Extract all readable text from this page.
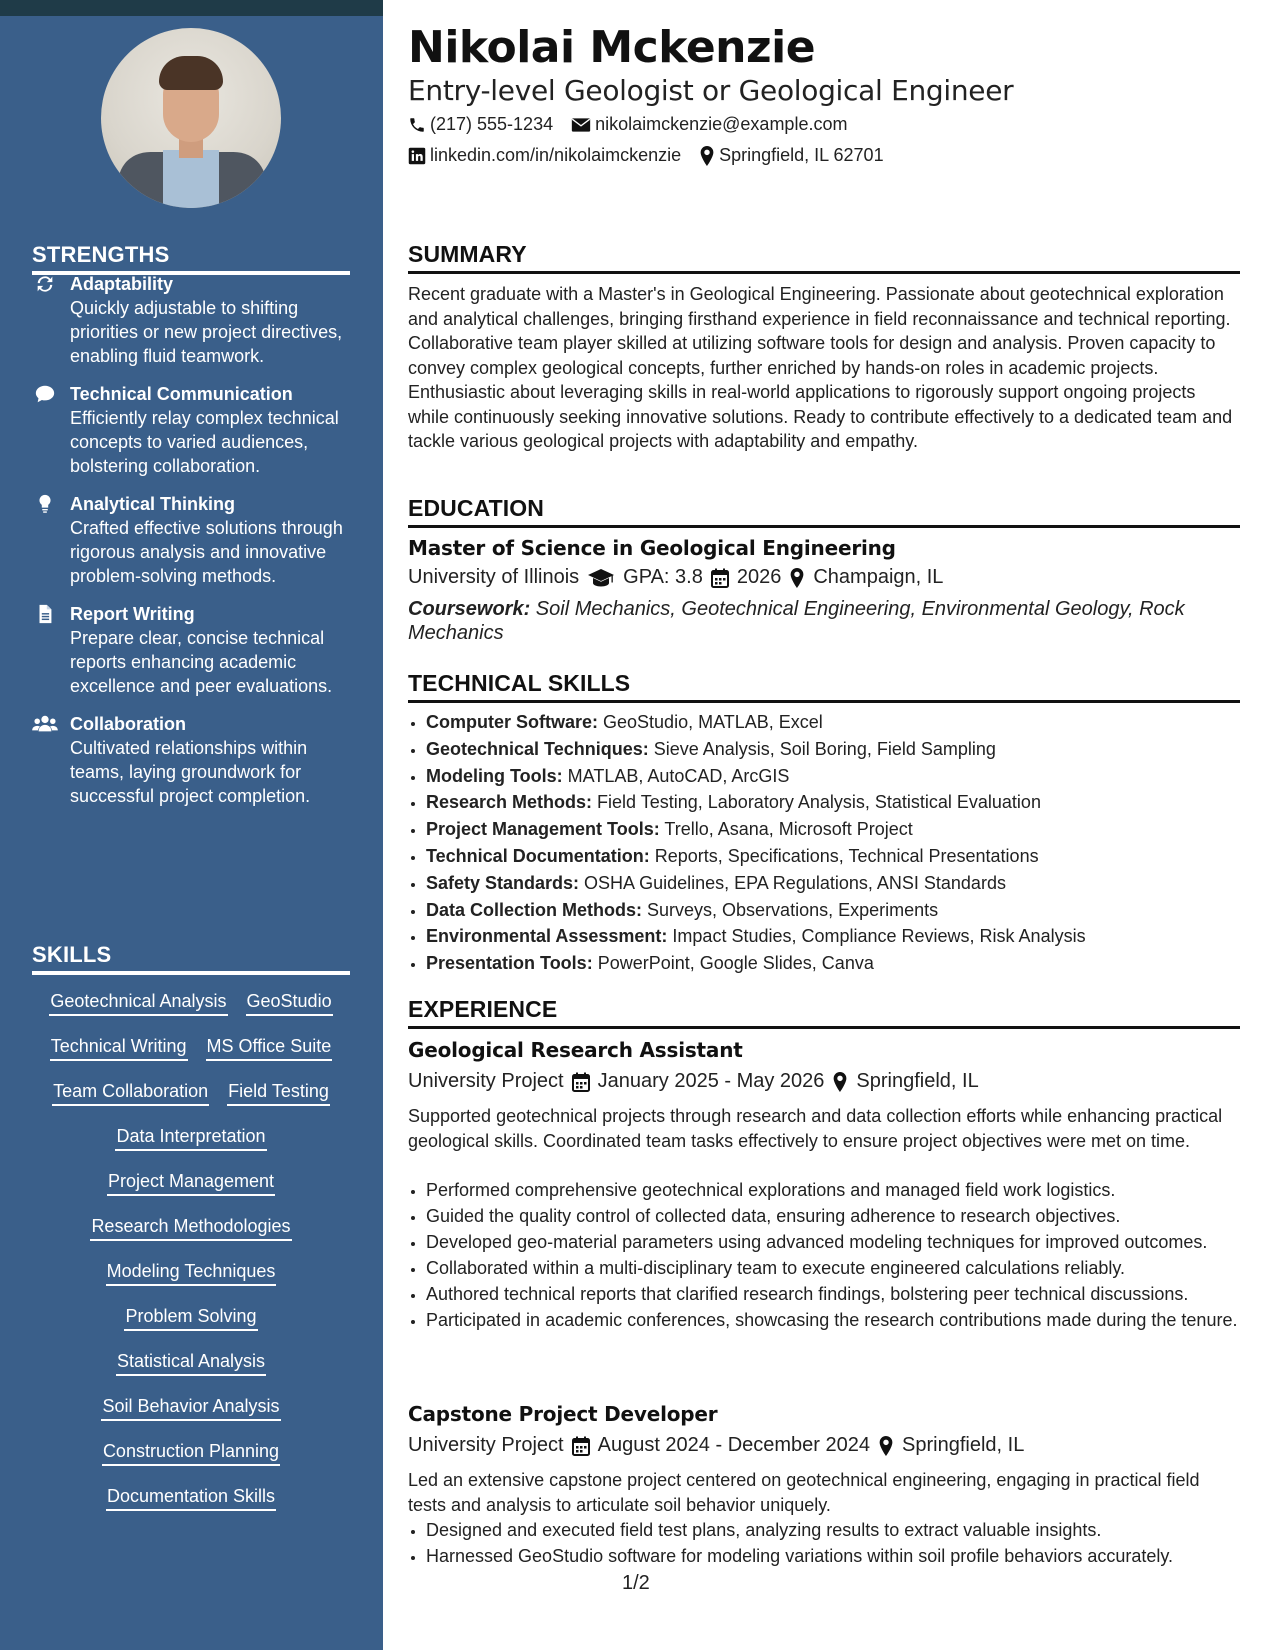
STRENGTHS
Adaptability
Quickly adjustable to shifting priorities or new project directives, enabling fluid teamwork.
Technical Communication
Efficiently relay complex technical concepts to varied audiences, bolstering collaboration.
Analytical Thinking
Crafted effective solutions through rigorous analysis and innovative problem-solving methods.
Report Writing
Prepare clear, concise technical reports enhancing academic excellence and peer evaluations.
Collaboration
Cultivated relationships within teams, laying groundwork for successful project completion.
SKILLS
Geotechnical Analysis GeoStudio
Technical Writing MS Office Suite
Team Collaboration Field Testing
Data Interpretation
Project Management
Research Methodologies
Modeling Techniques
Problem Solving
Statistical Analysis
Soil Behavior Analysis
Construction Planning
Documentation Skills
Nikolai Mckenzie
Entry-level Geologist or Geological Engineer
(217) 555-1234 nikolaimckenzie@example.com
linkedin.com/in/nikolaimckenzie Springfield, IL 62701
SUMMARY
Recent graduate with a Master's in Geological Engineering. Passionate about geotechnical exploration and analytical challenges, bringing firsthand experience in field reconnaissance and technical reporting. Collaborative team player skilled at utilizing software tools for design and analysis. Proven capacity to convey complex geological concepts, further enriched by hands-on roles in academic projects. Enthusiastic about leveraging skills in real-world applications to rigorously support ongoing projects while continuously seeking innovative solutions. Ready to contribute effectively to a dedicated team and tackle various geological projects with adaptability and empathy.
EDUCATION
Master of Science in Geological Engineering
University of Illinois GPA: 3.8 2026 Champaign, IL
Coursework: Soil Mechanics, Geotechnical Engineering, Environmental Geology, Rock Mechanics
TECHNICAL SKILLS
• Computer Software: GeoStudio, MATLAB, Excel
• Geotechnical Techniques: Sieve Analysis, Soil Boring, Field Sampling
• Modeling Tools: MATLAB, AutoCAD, ArcGIS
• Research Methods: Field Testing, Laboratory Analysis, Statistical Evaluation
• Project Management Tools: Trello, Asana, Microsoft Project
• Technical Documentation: Reports, Specifications, Technical Presentations
• Safety Standards: OSHA Guidelines, EPA Regulations, ANSI Standards
• Data Collection Methods: Surveys, Observations, Experiments
• Environmental Assessment: Impact Studies, Compliance Reviews, Risk Analysis
• Presentation Tools: PowerPoint, Google Slides, Canva
EXPERIENCE
Geological Research Assistant
University Project January 2025 - May 2026 Springfield, IL
Supported geotechnical projects through research and data collection efforts while enhancing practical geological skills. Coordinated team tasks effectively to ensure project objectives were met on time.
• Performed comprehensive geotechnical explorations and managed field work logistics.
• Guided the quality control of collected data, ensuring adherence to research objectives.
• Developed geo-material parameters using advanced modeling techniques for improved outcomes.
• Collaborated within a multi-disciplinary team to execute engineered calculations reliably.
• Authored technical reports that clarified research findings, bolstering peer technical discussions.
• Participated in academic conferences, showcasing the research contributions made during the tenure.
Capstone Project Developer
University Project August 2024 - December 2024 Springfield, IL
Led an extensive capstone project centered on geotechnical engineering, engaging in practical field tests and analysis to articulate soil behavior uniquely.
• Designed and executed field test plans, analyzing results to extract valuable insights.
• Harnessed GeoStudio software for modeling variations within soil profile behaviors accurately.
1/2
